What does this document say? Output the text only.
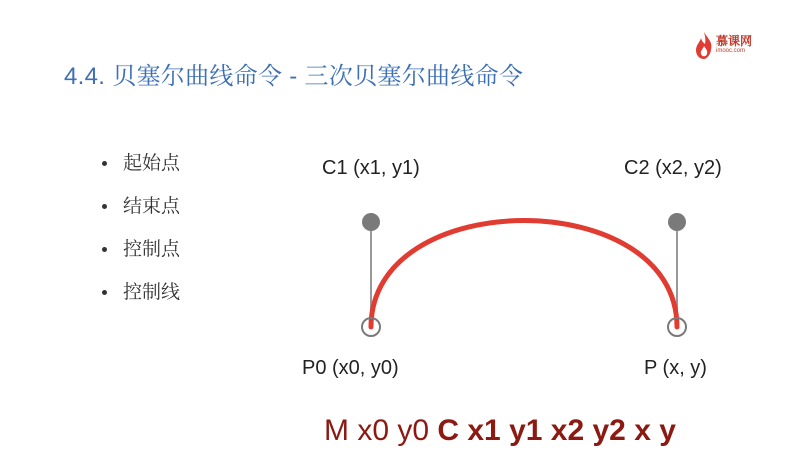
4.4. 贝塞尔曲线命令 - 三次贝塞尔曲线命令
慕课网
imooc.com
起始点
结束点
控制点
控制线
C1 (x1, y1)	C2 (x2, y2)
P0 (x0, y0)	P (x, y)
M x0 y0 C x1 y1 x2 y2 x y
